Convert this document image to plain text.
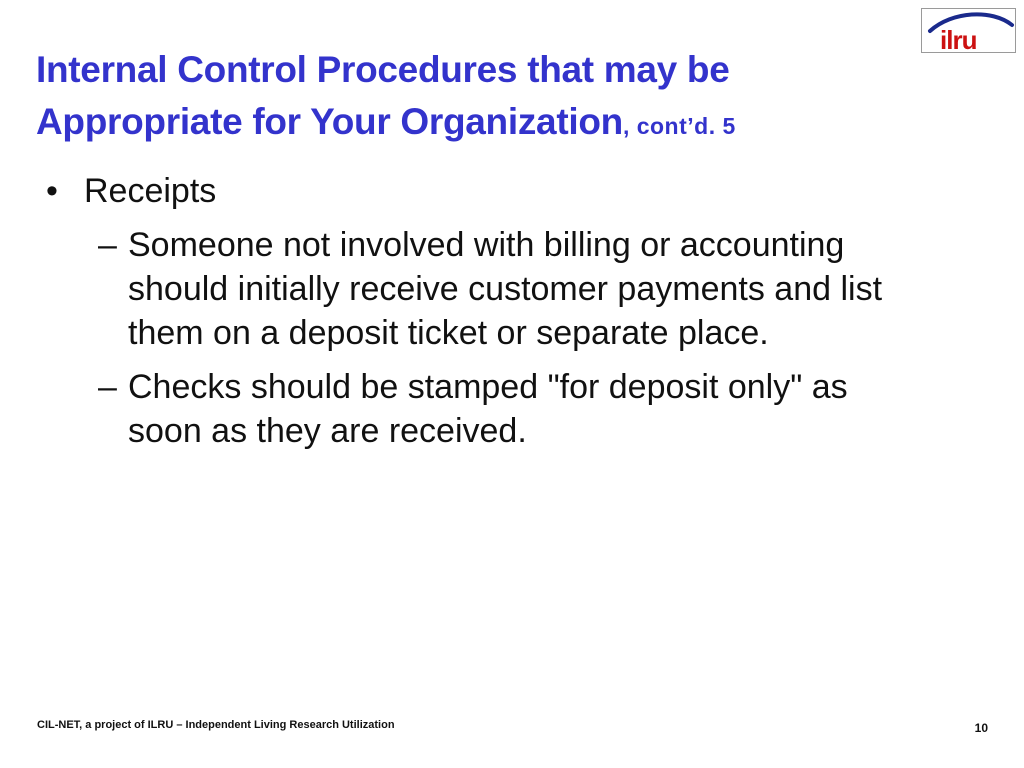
ilru
Internal Control Procedures that may be
Appropriate for Your Organization, cont’d. 5
• Receipts
– Someone not involved with billing or accounting
should initially receive customer payments and list
them on a deposit ticket or separate place.
– Checks should be stamped "for deposit only" as
soon as they are received.
CIL-NET, a project of ILRU – Independent Living Research Utilization	10
